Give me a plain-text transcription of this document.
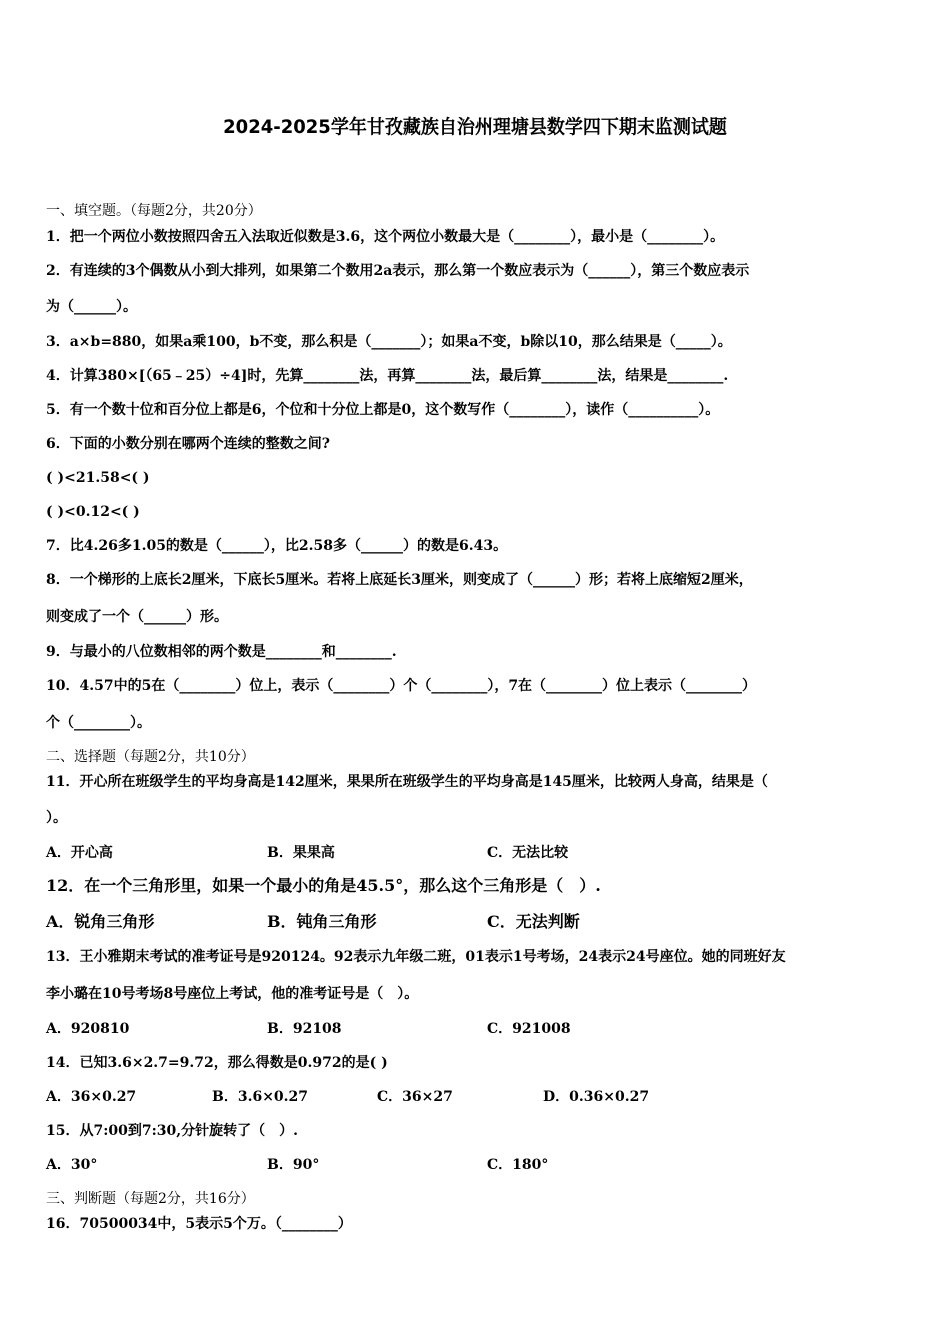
2024-2025学年甘孜藏族自治州理塘县数学四下期末监测试题
一、填空题。（每题2分，共20分）
1．把一个两位小数按照四舍五入法取近似数是3.6，这个两位小数最大是（________），最小是（________）。
2．有连续的3个偶数从小到大排列，如果第二个数用2a表示，那么第一个数应表示为（______），第三个数应表示
为（______）。
3．a×b=880，如果a乘100，b不变，那么积是（_______）；如果a不变，b除以10，那么结果是（_____）。
4．计算380×[（65﹣25）÷4]时，先算________法，再算________法，最后算________法，结果是________.
5．有一个数十位和百分位上都是6，个位和十分位上都是0，这个数写作（________），读作（__________）。
6．下面的小数分别在哪两个连续的整数之间?
( )<21.58<( )
( )<0.12<( )
7．比4.26多1.05的数是（______），比2.58多（______）的数是6.43。
8．一个梯形的上底长2厘米，下底长5厘米。若将上底延长3厘米，则变成了（______）形；若将上底缩短2厘米，
则变成了一个（______）形。
9．与最小的八位数相邻的两个数是________和________.
10．4.57中的5在（________）位上，表示（________）个（________），7在（________）位上表示（________）
个（________）。
二、选择题（每题2分，共10分）
11．开心所在班级学生的平均身高是142厘米，果果所在班级学生的平均身高是145厘米，比较两人身高，结果是（
）。
A．开心高	B．果果高	C．无法比较
12．在一个三角形里，如果一个最小的角是45.5°，那么这个三角形是（　）.
A．锐角三角形	B．钝角三角形	C．无法判断
13．王小雅期末考试的准考证号是920124。92表示九年级二班，01表示1号考场，24表示24号座位。她的同班好友
李小璐在10号考场8号座位上考试，他的准考证号是（　）。
A．920810	B．92108	C．921008
14．已知3.6×2.7=9.72，那么得数是0.972的是( )
A．36×0.27	B．3.6×0.27	C．36×27	D．0.36×0.27
15．从7:00到7:30,分针旋转了（　）.
A．30°	B．90°	C．180°
三、判断题（每题2分，共16分）
16．70500034中，5表示5个万。（________）
